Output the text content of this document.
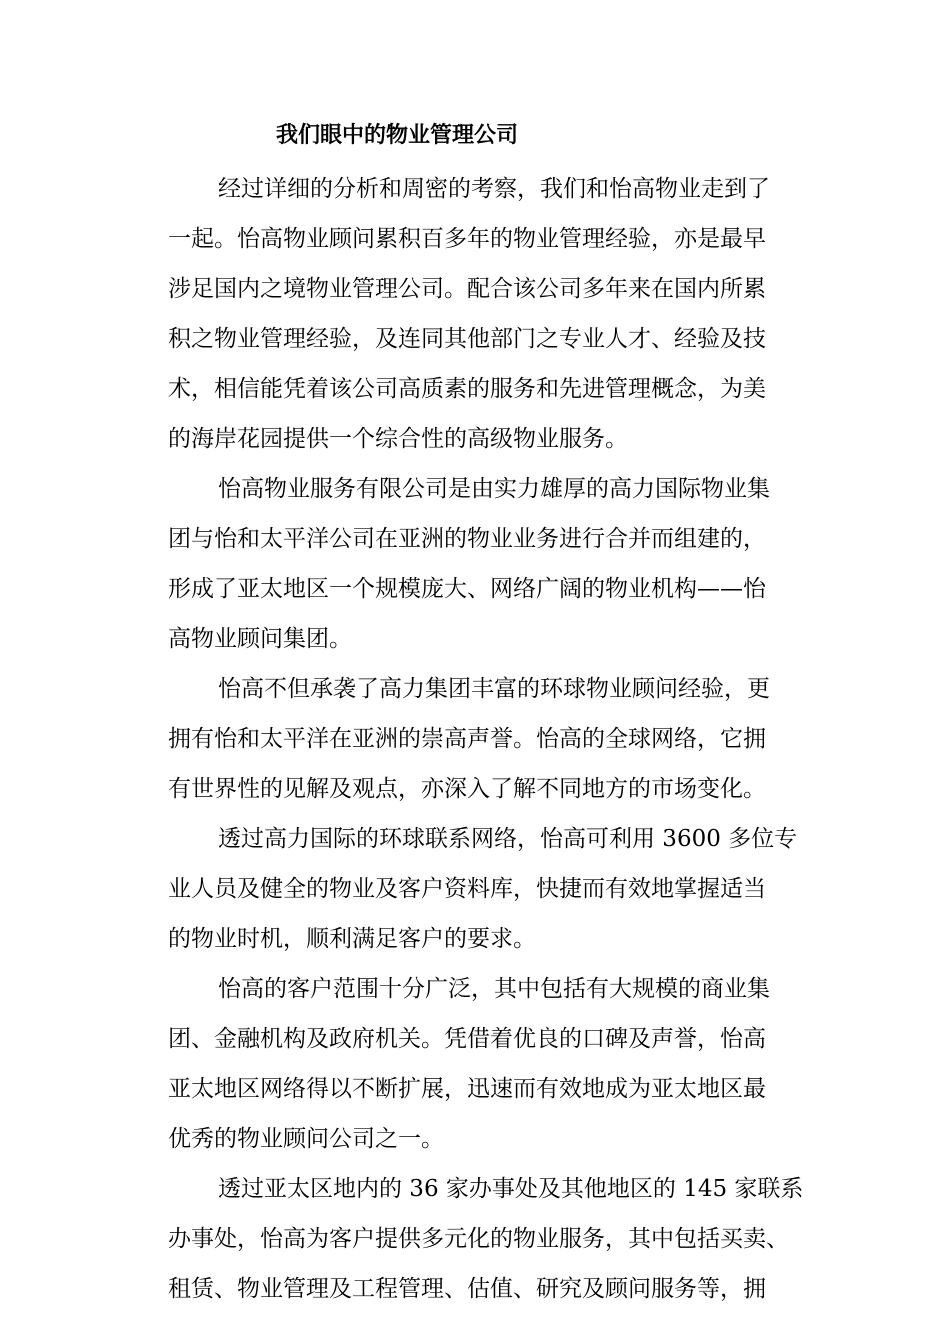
我们眼中的物业管理公司

经过详细的分析和周密的考察，我们和怡高物业走到了
一起。怡高物业顾问累积百多年的物业管理经验，亦是最早
涉足国内之境物业管理公司。配合该公司多年来在国内所累
积之物业管理经验，及连同其他部门之专业人才、经验及技
术，相信能凭着该公司高质素的服务和先进管理概念，为美
的海岸花园提供一个综合性的高级物业服务。

怡高物业服务有限公司是由实力雄厚的高力国际物业集
团与怡和太平洋公司在亚洲的物业业务进行合并而组建的，
形成了亚太地区一个规模庞大、网络广阔的物业机构——怡
高物业顾问集团。

怡高不但承袭了高力集团丰富的环球物业顾问经验，更
拥有怡和太平洋在亚洲的崇高声誉。怡高的全球网络，它拥
有世界性的见解及观点，亦深入了解不同地方的市场变化。

透过高力国际的环球联系网络，怡高可利用 3600 多位专
业人员及健全的物业及客户资料库，快捷而有效地掌握适当
的物业时机，顺利满足客户的要求。

怡高的客户范围十分广泛，其中包括有大规模的商业集
团、金融机构及政府机关。凭借着优良的口碑及声誉，怡高
亚太地区网络得以不断扩展，迅速而有效地成为亚太地区最
优秀的物业顾问公司之一。

透过亚太区地内的 36 家办事处及其他地区的 145 家联系
办事处，怡高为客户提供多元化的物业服务，其中包括买卖、
租赁、物业管理及工程管理、估值、研究及顾问服务等，拥
